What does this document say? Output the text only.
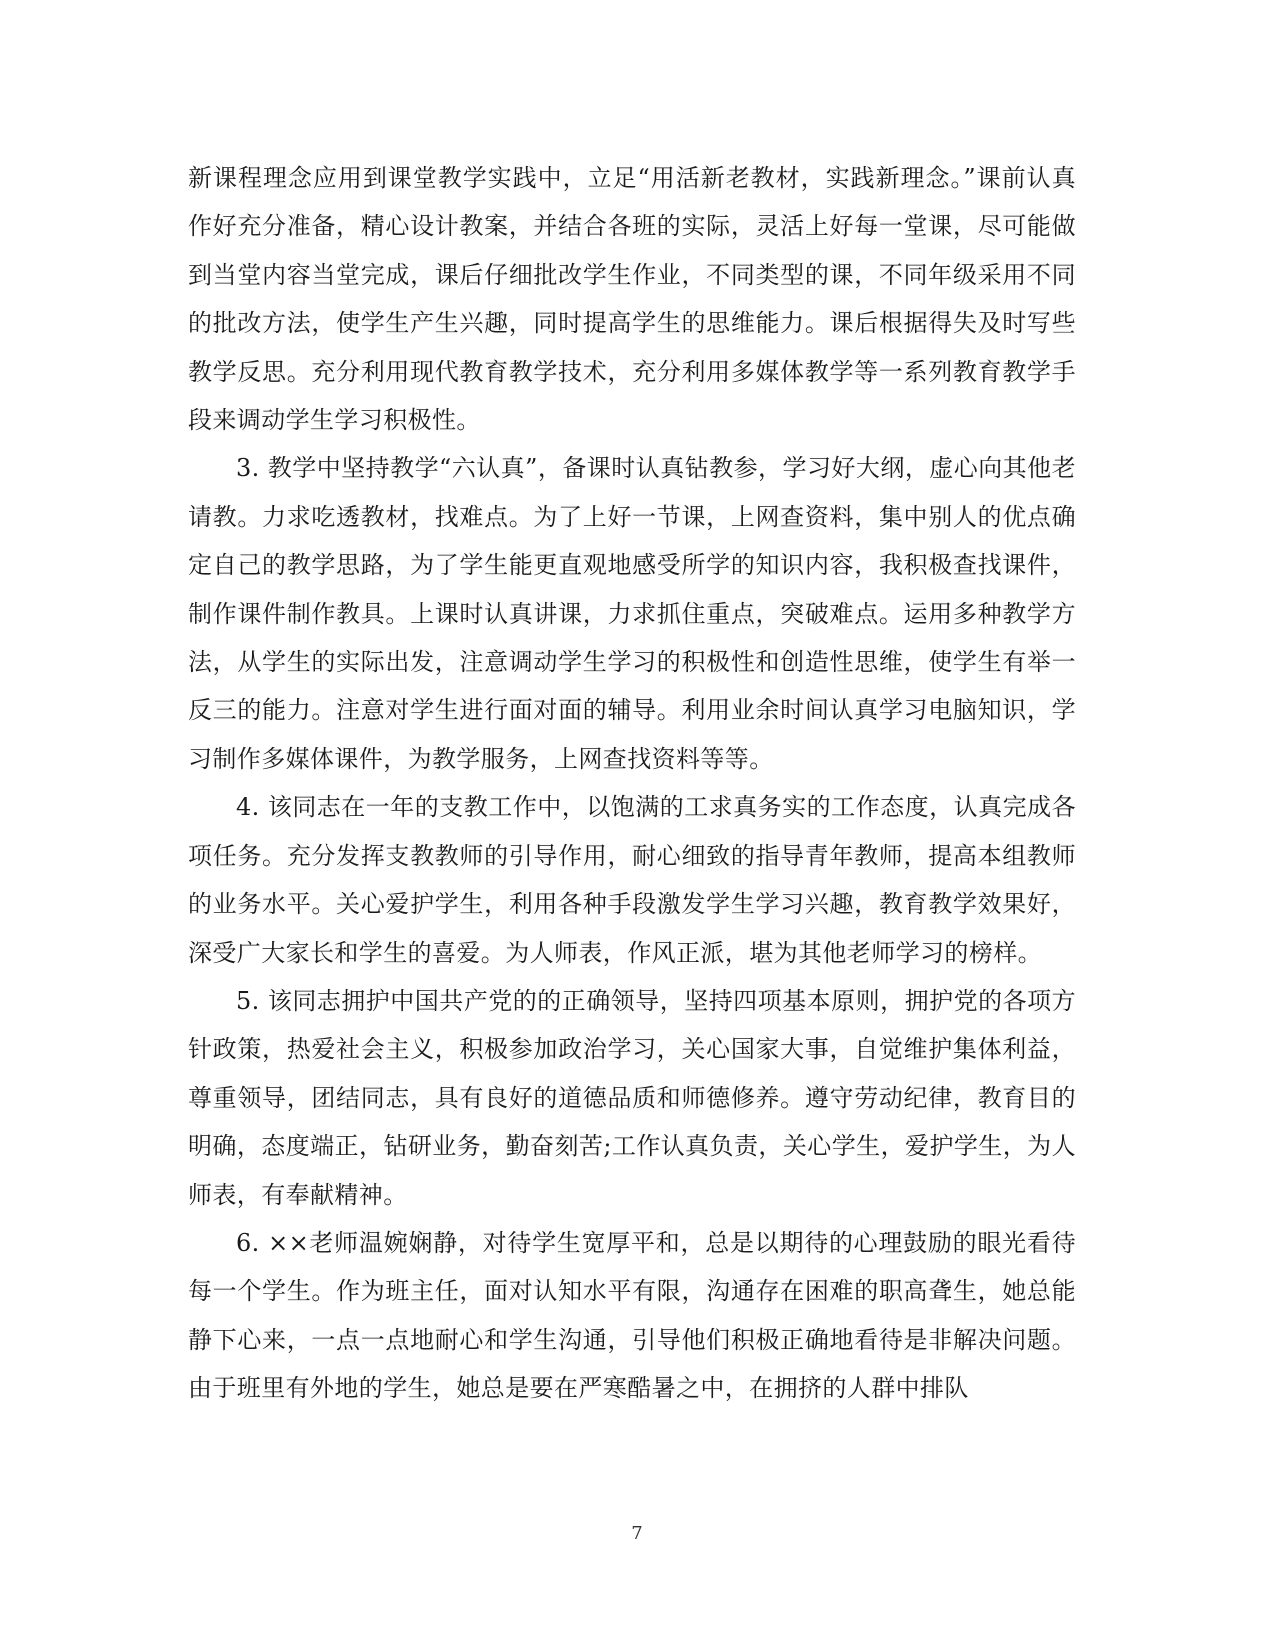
新课程理念应用到课堂教学实践中，立足“用活新老教材，实践新理念。”课前认真作好充分准备，精心设计教案，并结合各班的实际，灵活上好每一堂课，尽可能做到当堂内容当堂完成，课后仔细批改学生作业，不同类型的课，不同年级采用不同的批改方法，使学生产生兴趣，同时提高学生的思维能力。课后根据得失及时写些教学反思。充分利用现代教育教学技术，充分利用多媒体教学等一系列教育教学手段来调动学生学习积极性。

3. 教学中坚持教学“六认真”，备课时认真钻教参，学习好大纲，虚心向其他老请教。力求吃透教材，找难点。为了上好一节课，上网查资料，集中别人的优点确定自己的教学思路，为了学生能更直观地感受所学的知识内容，我积极查找课件，制作课件制作教具。上课时认真讲课，力求抓住重点，突破难点。运用多种教学方法，从学生的实际出发，注意调动学生学习的积极性和创造性思维，使学生有举一反三的能力。注意对学生进行面对面的辅导。利用业余时间认真学习电脑知识，学习制作多媒体课件，为教学服务，上网查找资料等等。

4. 该同志在一年的支教工作中，以饱满的工求真务实的工作态度，认真完成各项任务。充分发挥支教教师的引导作用，耐心细致的指导青年教师，提高本组教师的业务水平。关心爱护学生，利用各种手段激发学生学习兴趣，教育教学效果好，深受广大家长和学生的喜爱。为人师表，作风正派，堪为其他老师学习的榜样。

5. 该同志拥护中国共产党的的正确领导，坚持四项基本原则，拥护党的各项方针政策，热爱社会主义，积极参加政治学习，关心国家大事，自觉维护集体利益，尊重领导，团结同志，具有良好的道德品质和师德修养。遵守劳动纪律，教育目的明确，态度端正，钻研业务，勤奋刻苦;工作认真负责，关心学生，爱护学生，为人师表，有奉献精神。

6. ××老师温婉娴静，对待学生宽厚平和，总是以期待的心理鼓励的眼光看待每一个学生。作为班主任，面对认知水平有限，沟通存在困难的职高聋生，她总能静下心来，一点一点地耐心和学生沟通，引导他们积极正确地看待是非解决问题。由于班里有外地的学生，她总是要在严寒酷暑之中，在拥挤的人群中排队

7
